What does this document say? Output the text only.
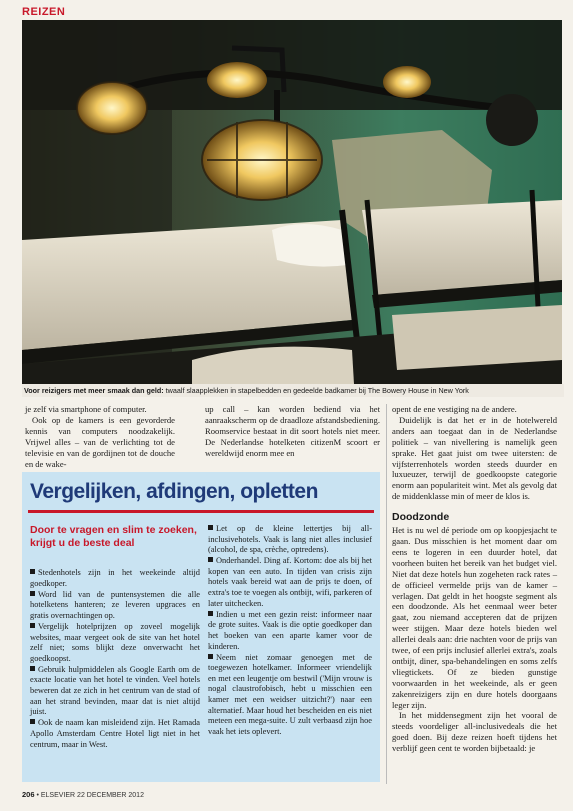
REIZEN
Voor reizigers met meer smaak dan geld: twaalf slaapplekken in stapelbedden en gedeelde badkamer bij The Bowery House in New York

je zelf via smartphone of computer.

Ook op de kamers is een gevorderde kennis van computers noodzakelijk. Vrijwel alles – van de verlichting tot de televisie en van de gordijnen tot de douche en de wake-

up call – kan worden bediend via het aanraakscherm op de draadloze afstandsbediening. Roomservice bestaat in dit soort hotels niet meer. De Nederlandse hotelketen citizenM scoort er wereldwijd enorm mee en

opent de ene vestiging na de andere.

Duidelijk is dat het er in de hotelwereld anders aan toegaat dan in de Nederlandse politiek – van nivellering is namelijk geen sprake. Het gaat juist om twee uitersten: de vijfsterrenhotels worden steeds duurder en luxueuzer, terwijl de goedkoopste categorie enorm aan populariteit wint. Met als gevolg dat de middenklasse min of meer de klos is.

Doodzonde

Het is nu wel dé periode om op koopjesjacht te gaan. Dus misschien is het moment daar om eens te logeren in een duurder hotel, dat voorheen buiten het bereik van het budget viel. Niet dat deze hotels hun zogeheten rack rates – de officieel vermelde prijs van de kamer – verlagen. Dat geldt in het hoogste segment als een doodzonde. Als het eenmaal weer beter gaat, zou niemand accepteren dat de prijzen weer stijgen. Maar deze hotels bieden wel allerlei deals aan: drie nachten voor de prijs van twee, of een prijs inclusief allerlei extra's, zoals ontbijt, diner, spa-behandelingen en soms zelfs vliegtickets. Of ze bieden gunstige voorwaarden in het weekeinde, als er geen zakenreizigers zijn en dure hotels doorgaans leger zijn.

In het middensegment zijn het vooral de steeds voordeliger all-inclusivedeals die het goed doen. Bij deze reizen hoeft tijdens het verblijf geen cent te worden bijbetaald: je

Vergelijken, afdingen, opletten
Door te vragen en slim te zoeken, krijgt u de beste deal

Stedenhotels zijn in het weekeinde altijd goedkoper.

Word lid van de puntensystemen die alle hotelketens hanteren; ze leveren upgraces en gratis overnachtingen op.

Vergelijk hotelprijzen op zoveel mogelijk websites, maar vergeet ook de site van het hotel zelf niet; soms blijkt deze onverwacht het goedkoopst.

Gebruik hulpmiddelen als Google Earth om de exacte locatie van het hotel te vinden. Veel hotels beweren dat ze zich in het centrum van de stad of aan het strand bevinden, maar dat is niet altijd juist.

Ook de naam kan misleidend zijn. Het Ramada Apollo Amsterdam Centre Hotel ligt niet in het centrum, maar in West.

Let op de kleine lettertjes bij all-inclusivehotels. Vaak is lang niet alles inclusief (alcohol, de spa, crèche, optredens).

Onderhandel. Ding af. Kortom: doe als bij het kopen van een auto. In tijden van crisis zijn hotels vaak bereid wat aan de prijs te doen, of extra's toe te voegen als ontbijt, wifi, parkeren of later uitchecken.

Indien u met een gezin reist: informeer naar de grote suites. Vaak is die optie goedkoper dan het boeken van een aparte kamer voor de kinderen.

Neem niet zomaar genoegen met de toegewezen hotelkamer. Informeer vriendelijk en met een leugentje om bestwil ('Mijn vrouw is nogal claustrofobisch, hebt u misschien een kamer met een weidser uitzicht?') naar een alternatief. Maar houd het bescheiden en eis niet meteen een mega-suite. U zult verbaasd zijn hoe vaak het iets oplevert.

206 • ELSEVIER 22 DECEMBER 2012
